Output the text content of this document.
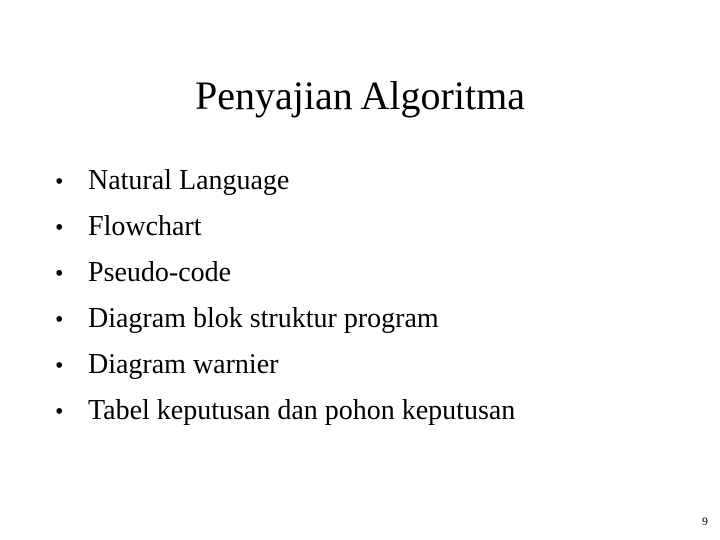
Penyajian Algoritma
• Natural Language
• Flowchart
• Pseudo-code
• Diagram blok struktur program
• Diagram warnier
• Tabel keputusan dan pohon keputusan
9
